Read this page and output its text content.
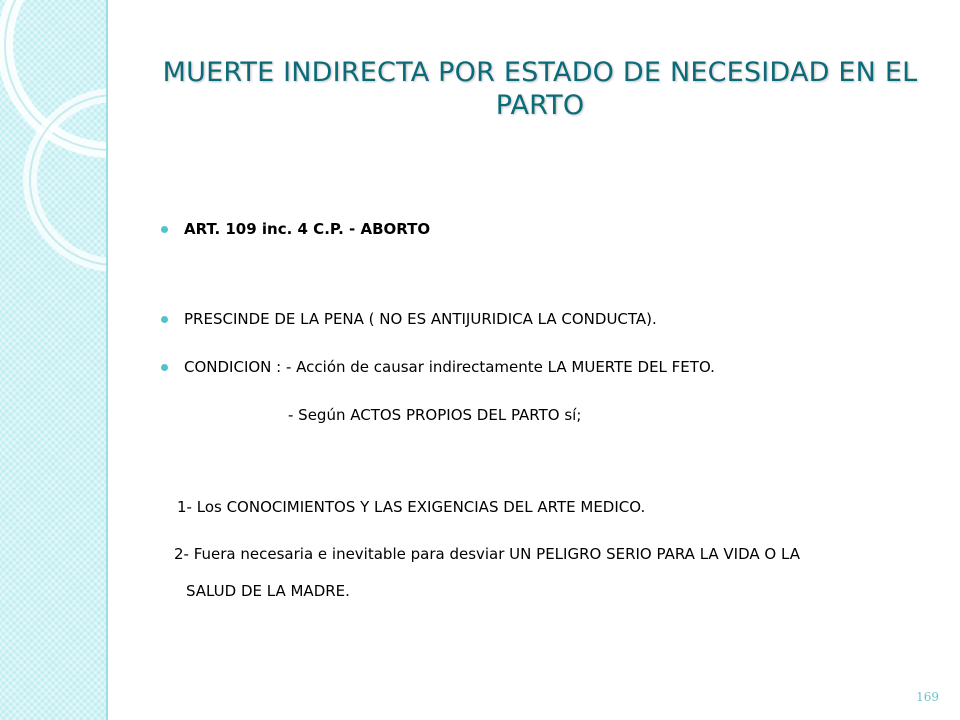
MUERTE INDIRECTA POR ESTADO DE NECESIDAD EN EL PARTO
ART. 109 inc. 4 C.P. - ABORTO
PRESCINDE DE LA PENA ( NO ES ANTIJURIDICA LA CONDUCTA).
CONDICION : - Acción de causar indirectamente LA MUERTE DEL FETO.
- Según ACTOS PROPIOS DEL PARTO sí;
1- Los CONOCIMIENTOS Y LAS EXIGENCIAS DEL ARTE MEDICO.
2- Fuera necesaria e inevitable para desviar UN PELIGRO SERIO PARA LA VIDA O LA
SALUD DE LA MADRE.
169
